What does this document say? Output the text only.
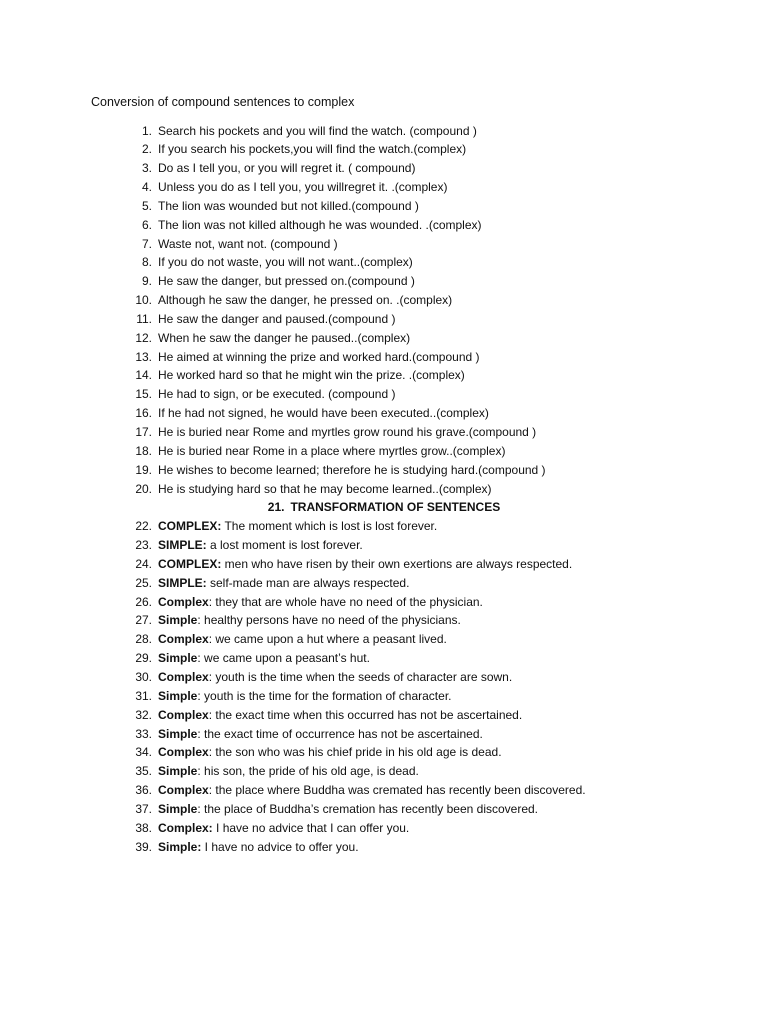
Conversion of compound sentences to complex
1. Search his pockets and you will find the watch. (compound )
2. If you search his pockets,you will find the watch.(complex)
3. Do as I tell you, or you will regret it. ( compound)
4. Unless you do as I tell you, you willregret it. .(complex)
5. The lion was wounded but not killed.(compound )
6. The lion was not killed although he was wounded. .(complex)
7. Waste not, want not. (compound )
8. If you do not waste, you will not want..(complex)
9. He saw the danger, but pressed on.(compound )
10. Although he saw the danger, he pressed on. .(complex)
11. He saw the danger and paused.(compound )
12. When he saw the danger he paused..(complex)
13. He aimed at winning the prize and worked hard.(compound )
14. He worked hard so that he might win the prize. .(complex)
15. He had to sign, or be executed. (compound )
16. If he had not signed, he would have been executed..(complex)
17. He is buried near Rome and myrtles grow round his grave.(compound )
18. He is buried near Rome in a place where myrtles grow..(complex)
19. He wishes to become learned; therefore he is studying hard.(compound )
20. He is studying hard so that he may become learned..(complex)
21. TRANSFORMATION OF SENTENCES
22. COMPLEX: The moment which is lost is lost forever.
23. SIMPLE: a lost moment is lost forever.
24. COMPLEX: men who have risen by their own exertions are always respected.
25. SIMPLE: self-made man are always respected.
26. Complex: they that are whole have no need of the physician.
27. Simple: healthy persons have no need of the physicians.
28. Complex: we came upon a hut where a peasant lived.
29. Simple: we came upon a peasant’s hut.
30. Complex: youth is the time when the seeds of character are sown.
31. Simple: youth is the time for the formation of character.
32. Complex: the exact time when this occurred has not be ascertained.
33. Simple: the exact time of occurrence has not be ascertained.
34. Complex: the son who was his chief pride in his old age is dead.
35. Simple: his son, the pride of his old age, is dead.
36. Complex: the place where Buddha was cremated has recently been discovered.
37. Simple: the place of Buddha’s cremation has recently been discovered.
38. Complex: I have no advice that I can offer you.
39. Simple: I have no advice to offer you.
